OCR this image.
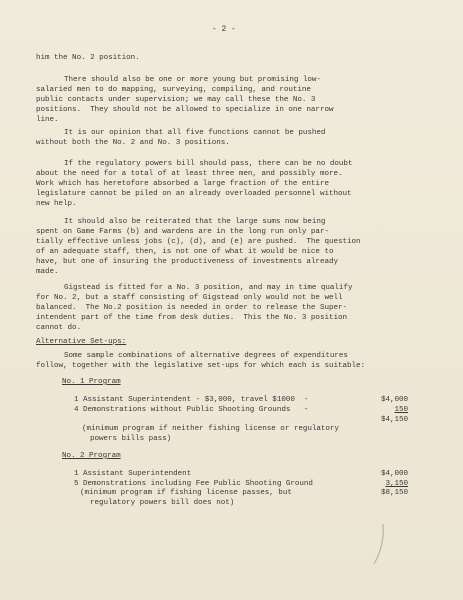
- 2 -
him the No. 2 position.
There should also be one or more young but promising low-
salaried men to do mapping, surveying, compiling, and routine
public contacts under supervision; we may call these the No. 3
positions.  They should not be allowed to specialize in one narrow
line.
It is our opinion that all five functions cannot be pushed
without both the No. 2 and No. 3 positions.
If the regulatory powers bill should pass, there can be no doubt
about the need for a total of at least three men, and possibly more.
Work which has heretofore absorbed a large fraction of the entire
legislature cannot be piled on an already overloaded personnel without
new help.
It should also be reiterated that the large sums now being
spent on Game Farms (b) and wardens are in the long run only par-
tially effective unless jobs (c), (d), and (e) are pushed.  The question
of an adequate staff, then, is not one of what it would be nice to
have, but one of insuring the productiveness of investments already
made.
Gigstead is fitted for a No. 3 position, and may in time qualify
for No. 2, but a staff consisting of Gigstead only would not be well
balanced.  The No.2 position is needed in order to release the Super-
intendent part of the time from desk duties.  This the No. 3 position
cannot do.
Alternative Set-ups:
Some sample combinations of alternative degrees of expenditures
follow, together with the legislative set-ups for which each is suitable:
No. 1 Program
1 Assistant Superintendent - $3,000, travel $1000  -	$4,000
4 Demonstrations without Public Shooting Grounds   -	150
$4,150
(minimum program if neither fishing license or regulatory
powers bills pass)
No. 2 Program
1 Assistant Superintendent	$4,000
5 Demonstrations including Fee Public Shooting Ground	3,150
(minimum program if fishing license passes, but	$8,150
regulatory powers bill does not)
